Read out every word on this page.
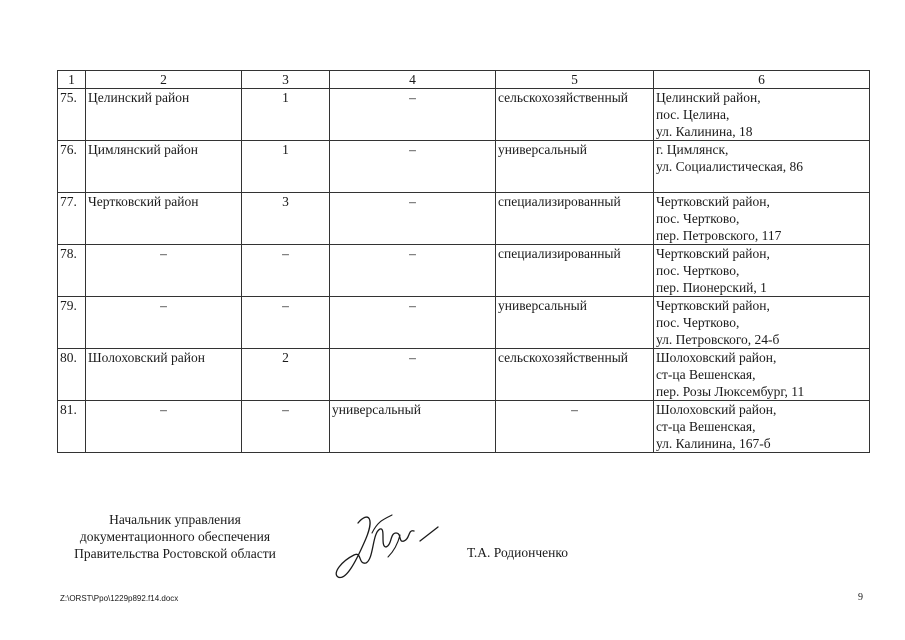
1	2	3	4	5	6
75.	Целинский район	1	–	сельскохозяйственный	Целинский район,
пос. Целина,
ул. Калинина, 18

76.	Цимлянский район	1	–	универсальный	г. Цимлянск,
ул. Социалистическая, 86

77.	Чертковский район	3	–	специализированный	Чертковский район,
пос. Чертково,
пер. Петровского, 117

78.	–	–	–	специализированный	Чертковский район,
пос. Чертково,
пер. Пионерский, 1

79.	–	–	–	универсальный	Чертковский район,
пос. Чертково,
ул. Петровского, 24-б

80.	Шолоховский район	2	–	сельскохозяйственный	Шолоховский район,
ст-ца Вешенская,
пер. Розы Люксембург, 11

81.	–	–	универсальный	–	Шолоховский район,
ст-ца Вешенская,
ул. Калинина, 167-б
Начальник управления
документационного обеспечения
Правительства Ростовской области	Т.А. Родионченко
Z:\ORST\Ppo\1229p892.f14.docx	9
